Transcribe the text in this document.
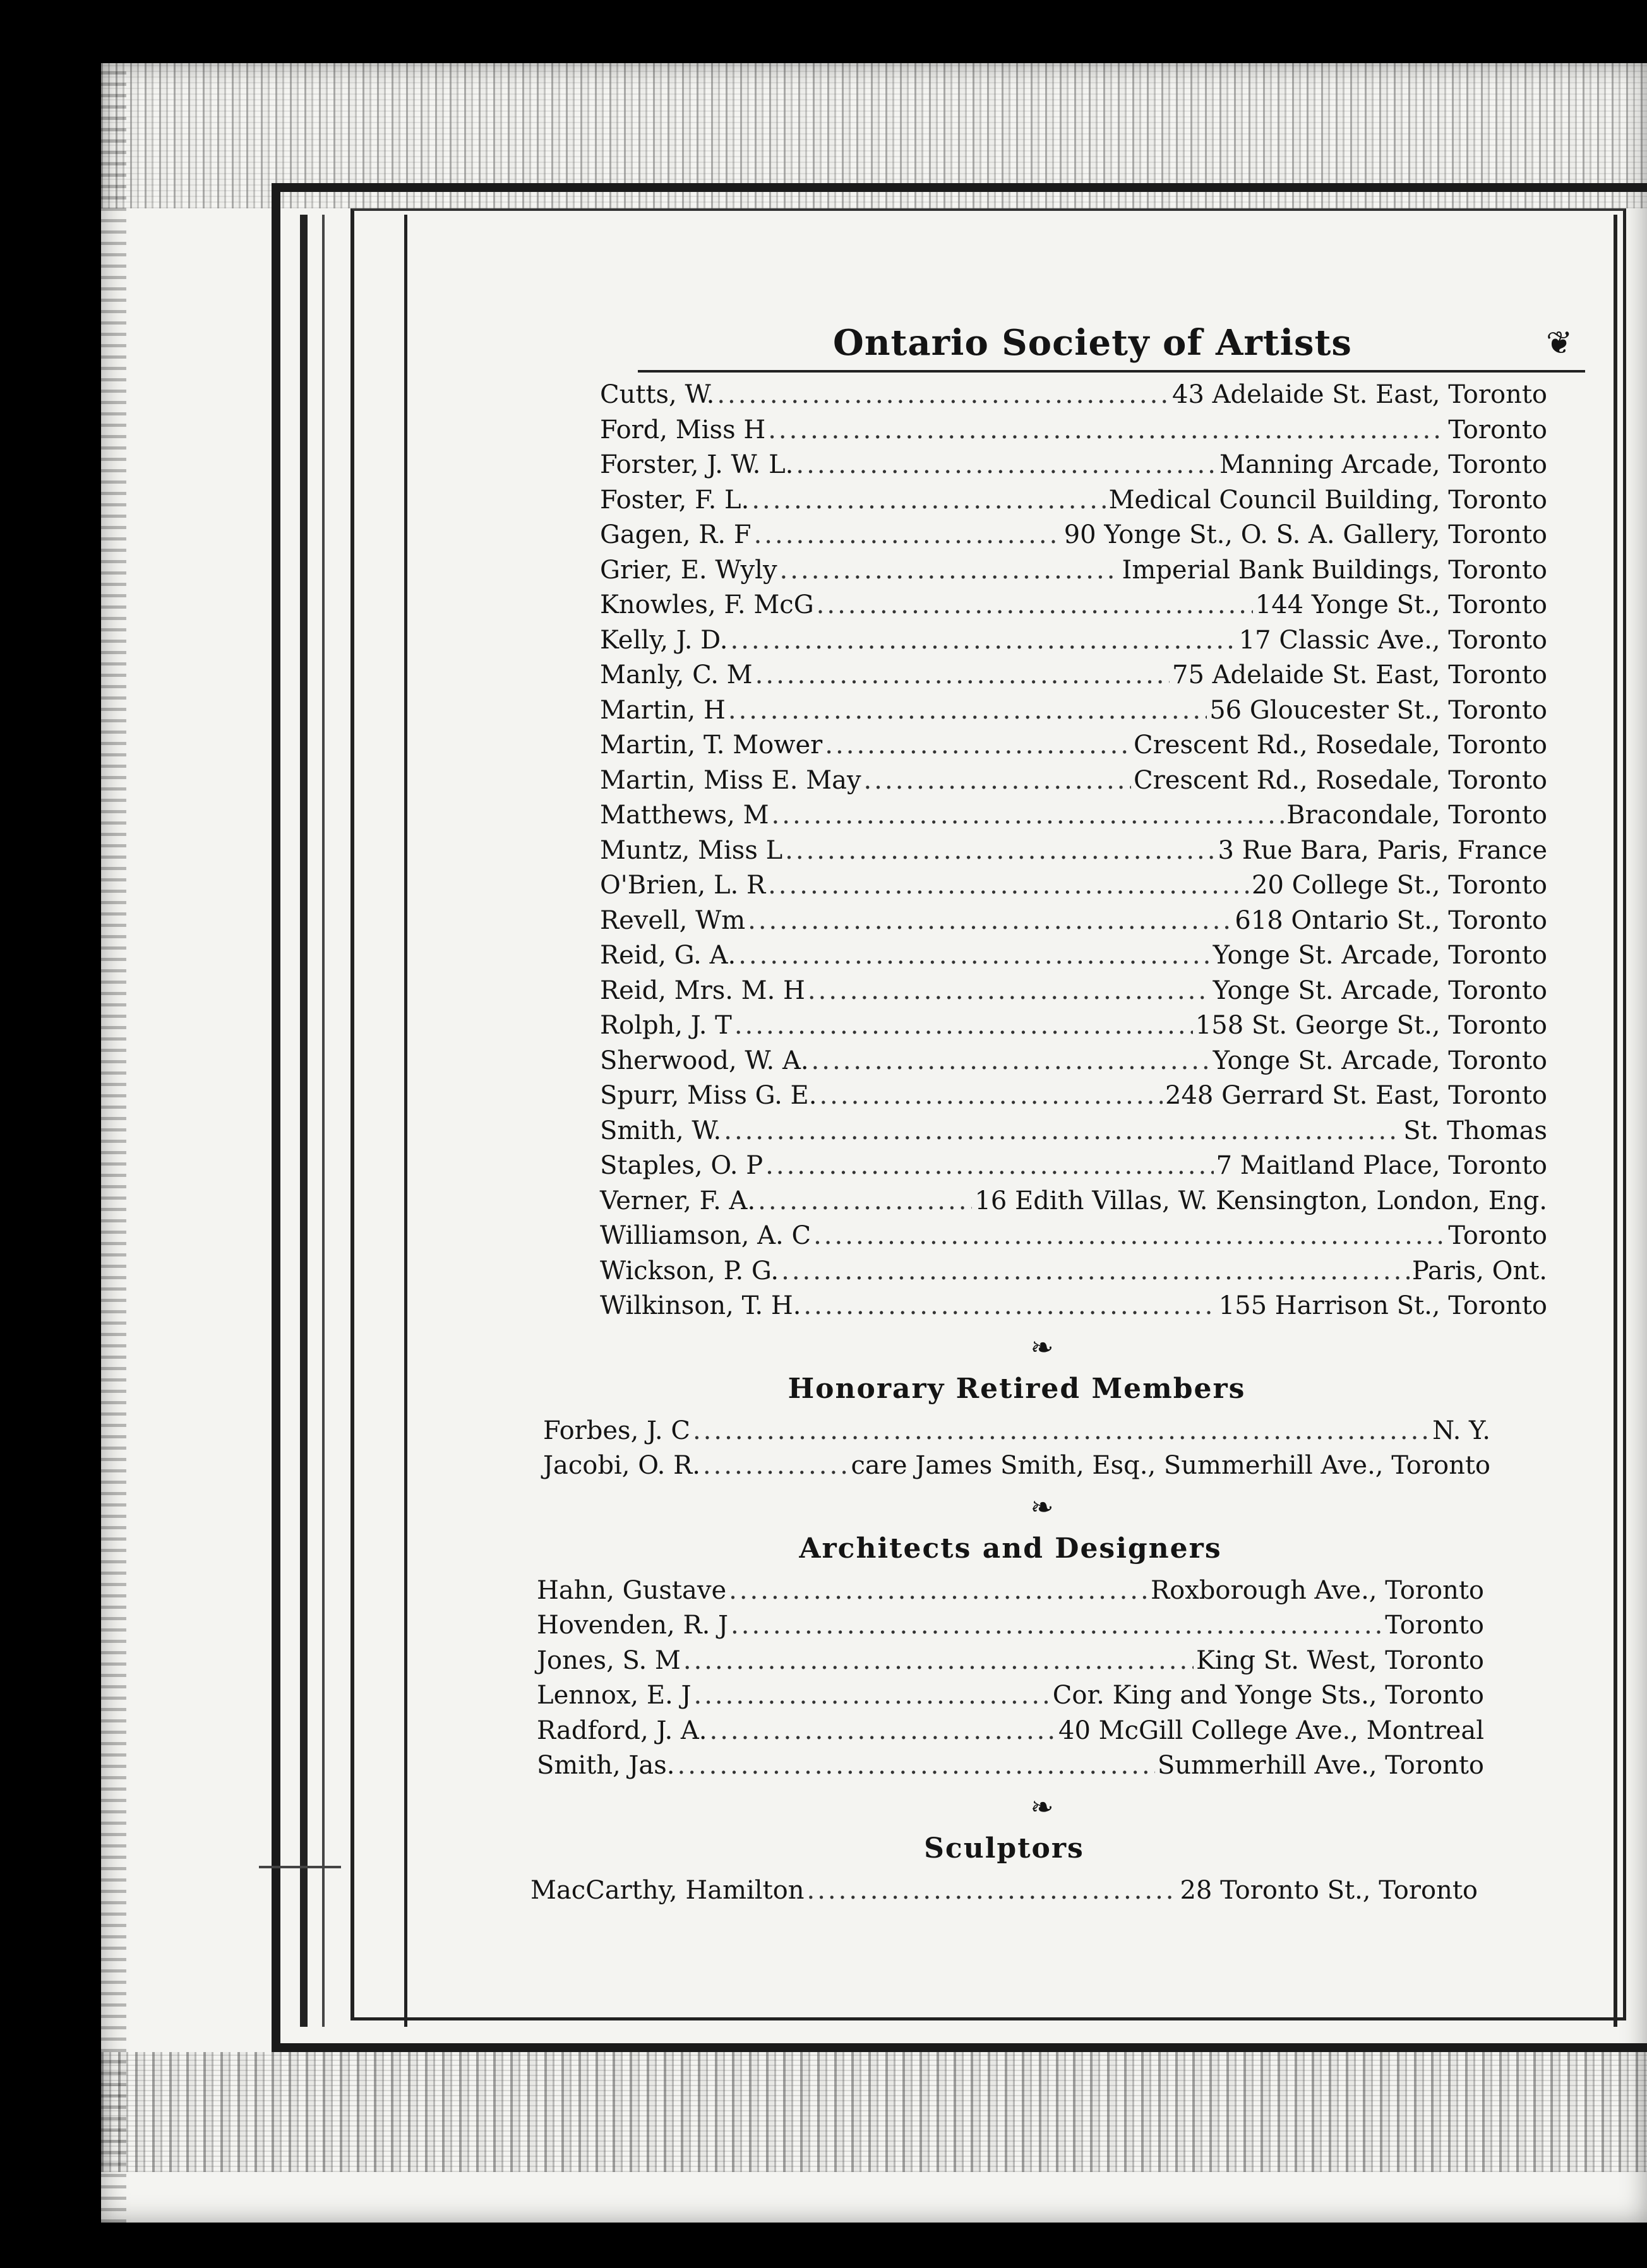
Ontario Society of Artists	❦
Cutts, W. .....	43 Adelaide St. East, Toronto
Ford, Miss H .....	Toronto
Forster, J. W. L. .....	Manning Arcade, Toronto
Foster, F. L. .....	Medical Council Building, Toronto
Gagen, R. F .....	90 Yonge St., O. S. A. Gallery, Toronto
Grier, E. Wyly .....	Imperial Bank Buildings, Toronto
Knowles, F. McG .....	144 Yonge St., Toronto
Kelly, J. D. .....	17 Classic Ave., Toronto
Manly, C. M .....	75 Adelaide St. East, Toronto
Martin, H .....	56 Gloucester St., Toronto
Martin, T. Mower .....	Crescent Rd., Rosedale, Toronto
Martin, Miss E. May .....	Crescent Rd., Rosedale, Toronto
Matthews, M .....	Bracondale, Toronto
Muntz, Miss L .....	3 Rue Bara, Paris, France
O'Brien, L. R .....	20 College St., Toronto
Revell, Wm .....	618 Ontario St., Toronto
Reid, G. A. .....	Yonge St. Arcade, Toronto
Reid, Mrs. M. H .....	Yonge St. Arcade, Toronto
Rolph, J. T .....	158 St. George St., Toronto
Sherwood, W. A. .....	Yonge St. Arcade, Toronto
Spurr, Miss G. E. .....	248 Gerrard St. East, Toronto
Smith, W. .....	St. Thomas
Staples, O. P .....	7 Maitland Place, Toronto
Verner, F. A. .....	16 Edith Villas, W. Kensington, London, Eng.
Williamson, A. C .....	Toronto
Wickson, P. G. .....	Paris, Ont.
Wilkinson, T. H. .....	155 Harrison St., Toronto
❧
Honorary Retired Members
Forbes, J. C .....	N. Y.
Jacobi, O. R. .....	care James Smith, Esq., Summerhill Ave., Toronto
❧
Architects and Designers
Hahn, Gustave .....	Roxborough Ave., Toronto
Hovenden, R. J .....	Toronto
Jones, S. M .....	King St. West, Toronto
Lennox, E. J .....	Cor. King and Yonge Sts., Toronto
Radford, J. A. .....	40 McGill College Ave., Montreal
Smith, Jas. .....	Summerhill Ave., Toronto
❧
Sculptors
MacCarthy, Hamilton .....	28 Toronto St., Toronto
